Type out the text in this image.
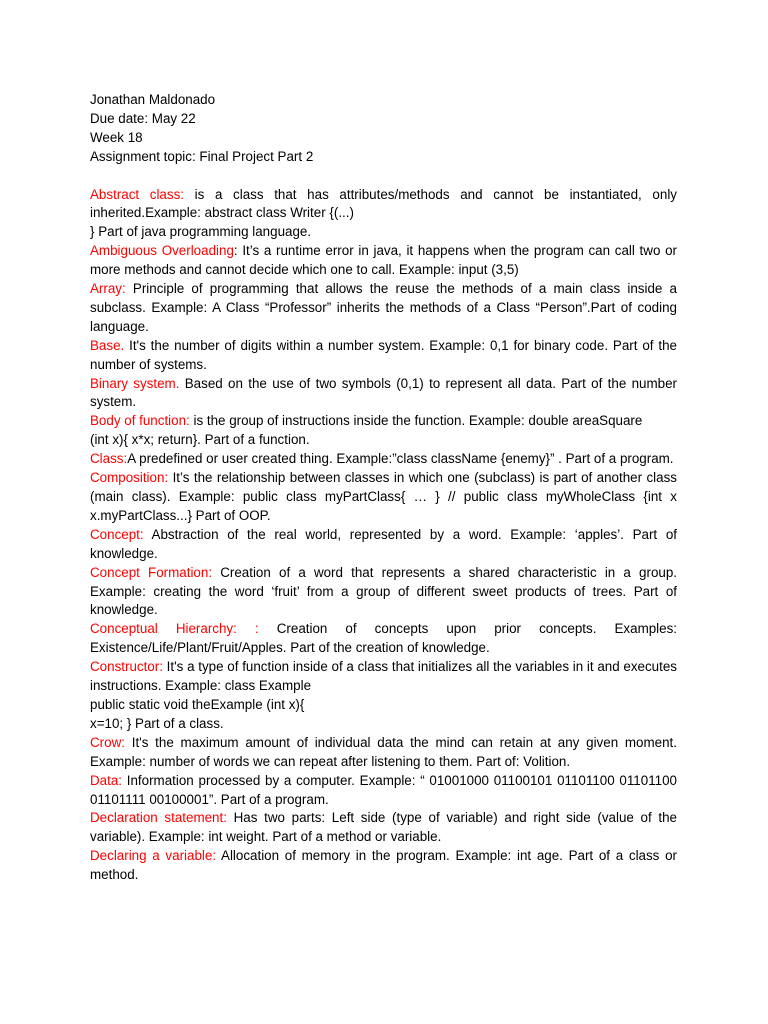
Jonathan Maldonado
Due date: May 22
Week 18
Assignment topic: Final Project Part 2
Abstract class: is a class that has attributes/methods and cannot be instantiated, only inherited.Example: abstract class Writer {(...)
} Part of java programming language.
Ambiguous Overloading: It’s a runtime error in java, it happens when the program can call two or more methods and cannot decide which one to call. Example: input (3,5)
Array: Principle of programming that allows the reuse the methods of a main class inside a subclass. Example: A Class “Professor” inherits the methods of a Class “Person”.Part of coding language.
Base. It's the number of digits within a number system. Example: 0,1 for binary code. Part of the number of systems.
Binary system. Based on the use of two symbols (0,1) to represent all data. Part of the number system.
Body of function: is the group of instructions inside the function. Example: double areaSquare
(int x){ x*x; return}. Part of a function.
Class:A predefined or user created thing. Example:”class className {enemy}” . Part of a program.
Composition: It’s the relationship between classes in which one (subclass) is part of another class (main class). Example: public class myPartClass{ … } // public class myWholeClass {int x x.myPartClass...} Part of OOP.
Concept: Abstraction of the real world, represented by a word. Example: ‘apples’. Part of knowledge.
Concept Formation: Creation of a word that represents a shared characteristic in a group. Example: creating the word ‘fruit’ from a group of different sweet products of trees. Part of knowledge.
Conceptual Hierarchy: : Creation of concepts upon prior concepts. Examples: Existence/Life/Plant/Fruit/Apples. Part of the creation of knowledge.
Constructor: It's a type of function inside of a class that initializes all the variables in it and executes instructions. Example: class Example
public static void theExample (int x){
x=10; } Part of a class.
Crow: It's the maximum amount of individual data the mind can retain at any given moment. Example: number of words we can repeat after listening to them. Part of: Volition.
Data: Information processed by a computer. Example: “ 01001000 01100101 01101100 01101100 01101111 00100001”. Part of a program.
Declaration statement: Has two parts: Left side (type of variable) and right side (value of the variable). Example: int weight. Part of a method or variable.
Declaring a variable: Allocation of memory in the program. Example: int age. Part of a class or method.
